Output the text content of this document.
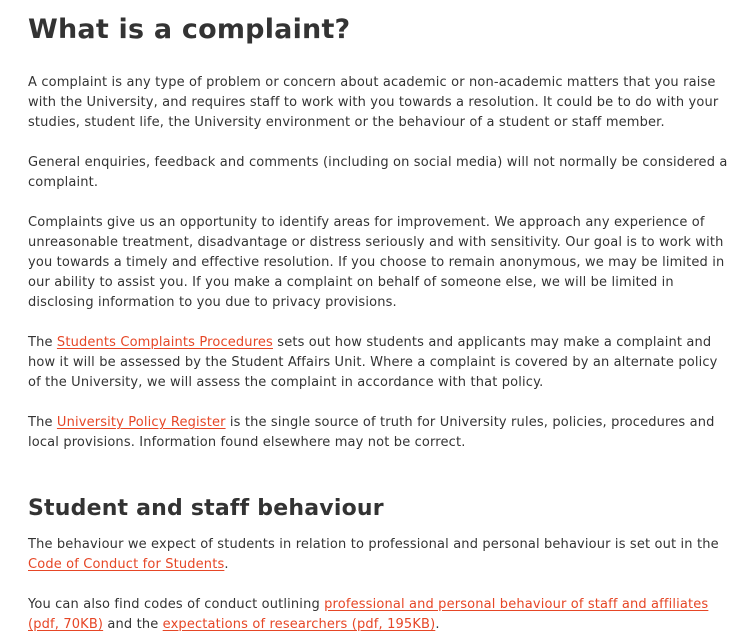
What is a complaint?

A complaint is any type of problem or concern about academic or non-academic matters that you raise with the University, and requires staff to work with you towards a resolution. It could be to do with your studies, student life, the University environment or the behaviour of a student or staff member.

General enquiries, feedback and comments (including on social media) will not normally be considered a complaint.

Complaints give us an opportunity to identify areas for improvement. We approach any experience of unreasonable treatment, disadvantage or distress seriously and with sensitivity. Our goal is to work with you towards a timely and effective resolution. If you choose to remain anonymous, we may be limited in our ability to assist you. If you make a complaint on behalf of someone else, we will be limited in disclosing information to you due to privacy provisions.

The Students Complaints Procedures sets out how students and applicants may make a complaint and how it will be assessed by the Student Affairs Unit. Where a complaint is covered by an alternate policy of the University, we will assess the complaint in accordance with that policy.

The University Policy Register is the single source of truth for University rules, policies, procedures and local provisions. Information found elsewhere may not be correct.

Student and staff behaviour

The behaviour we expect of students in relation to professional and personal behaviour is set out in the Code of Conduct for Students.

You can also find codes of conduct outlining professional and personal behaviour of staff and affiliates (pdf, 70KB) and the expectations of researchers (pdf, 195KB).
